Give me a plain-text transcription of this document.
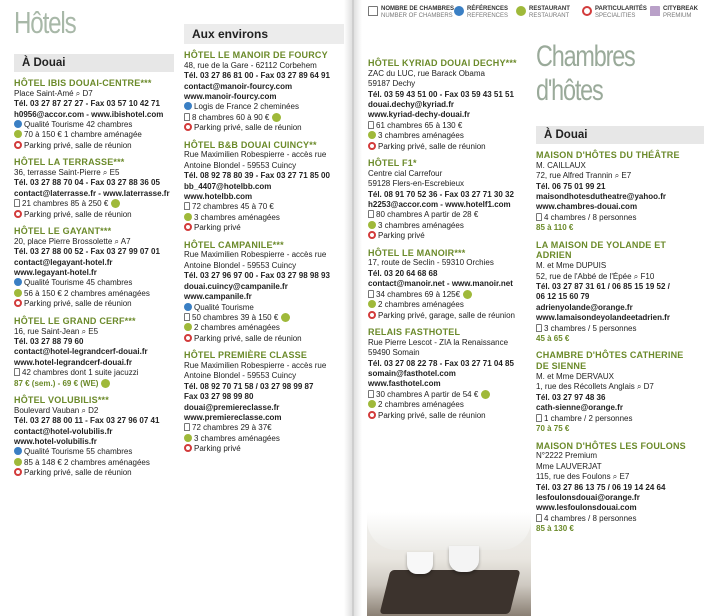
Hôtels
À Douai
HÔTEL IBIS DOUAI-CENTRE***
Place Saint-Amé ⌕ D7
Tél. 03 27 87 27 27 - Fax 03 57 10 42 71
h0956@accor.com - www.ibishotel.com
Qualité Tourisme 42 chambres
70 à 150 € 1 chambre aménagée
Parking privé, salle de réunion
HÔTEL LA TERRASSE***
36, terrasse Saint-Pierre ⌕ E5
Tél. 03 27 88 70 04 - Fax 03 27 88 36 05
contact@laterrasse.fr - www.laterrasse.fr
21 chambres 85 à 250 €
Parking privé, salle de réunion
HÔTEL LE GAYANT***
20, place Pierre Brossolette ⌕ A7
Tél. 03 27 88 00 52 - Fax 03 27 99 07 01
contact@legayant-hotel.fr
www.legayant-hotel.fr
Qualité Tourisme 45 chambres
56 à 150 € 2 chambres aménagées
Parking privé, salle de réunion
HÔTEL LE GRAND CERF***
16, rue Saint-Jean ⌕ E5
Tél. 03 27 88 79 60
contact@hotel-legrandcerf-douai.fr
www.hotel-legrandcerf-douai.fr
42 chambres dont 1 suite jacuzzi
87 € (sem.) - 69 € (WE)
HÔTEL VOLUBILIS***
Boulevard Vauban ⌕ D2
Tél. 03 27 88 00 11 - Fax 03 27 96 07 41
contact@hotel-volubilis.fr
www.hotel-volubilis.fr
Qualité Tourisme 55 chambres
85 à 148 € 2 chambres aménagées
Parking privé, salle de réunion
Aux environs
HÔTEL LE MANOIR DE FOURCY
48, rue de la Gare - 62112 Corbehem
Tél. 03 27 86 81 00 - Fax 03 27 89 64 91
contact@manoir-fourcy.com
www.manoir-fourcy.com
Logis de France 2 cheminées
8 chambres 60 à 90 €
Parking privé, salle de réunion
HÔTEL B&B DOUAI CUINCY**
Rue Maximilien Robespierre - accès rue
Antoine Blondel - 59553 Cuincy
Tél. 08 92 78 80 39 - Fax 03 27 71 85 00
bb_4407@hotelbb.com
www.hotelbb.com
72 chambres 45 à 70 €
3 chambres aménagées
Parking privé
HÔTEL CAMPANILE***
Rue Maximilien Robespierre - accès rue
Antoine Blondel - 59553 Cuincy
Tél. 03 27 96 97 00 - Fax 03 27 98 98 93
douai.cuincy@campanile.fr
www.campanile.fr
Qualité Tourisme
50 chambres 39 à 150 €
2 chambres aménagées
Parking privé, salle de réunion
HÔTEL PREMIÈRE CLASSE
Rue Maximilien Robespierre - accès rue
Antoine Blondel - 59553 Cuincy
Tél. 08 92 70 71 58 / 03 27 98 99 87
Fax 03 27 98 99 80
douai@premiereclasse.fr
www.premiereclasse.com
72 chambres 29 à 37€
3 chambres aménagées
Parking privé
NOMBRE DE CHAMBRES
NUMBER OF CHAMBERS
RÉFÉRENCES
REFERENCES
RESTAURANT
RESTAURANT
PARTICULARITÉS
SPECIALITIES
CITYBREAK
PREMIUM
HÔTEL KYRIAD DOUAI DECHY***
ZAC du LUC, rue Barack Obama
59187 Dechy
Tél. 03 59 43 51 00 - Fax 03 59 43 51 51
douai.dechy@kyriad.fr
www.kyriad-dechy-douai.fr
61 chambres 65 à 130 €
3 chambres aménagées
Parking privé, salle de réunion
HÔTEL F1*
Centre cial Carrefour
59128 Flers-en-Escrebieux
Tél. 08 91 70 52 36 - Fax 03 27 71 30 32
h2253@accor.com - www.hotelf1.com
80 chambres A partir de 28 €
3 chambres aménagées
Parking privé
HÔTEL LE MANOIR***
17, route de Seclin - 59310 Orchies
Tél. 03 20 64 68 68
contact@manoir.net - www.manoir.net
34 chambres 69 à 125€
2 chambres aménagées
Parking privé, garage, salle de réunion
RELAIS FASTHOTEL
Rue Pierre Lescot - ZIA la Renaissance
59490 Somain
Tél. 03 27 08 22 78 - Fax 03 27 71 04 85
somain@fasthotel.com
www.fasthotel.com
30 chambres A partir de 54 €
2 chambres aménagées
Parking privé, salle de réunion
Chambres d'hôtes
À Douai
MAISON D'HÔTES DU THÉÂTRE
M. CAILLAUX
72, rue Alfred Trannin ⌕ E7
Tél. 06 75 01 99 21
maisondhotesdutheatre@yahoo.fr
www.chambres-douai.com
4 chambres / 8 personnes
85 à 110 €
LA MAISON DE YOLANDE ET ADRIEN
M. et Mme DUPUIS
52, rue de l'Abbé de l'Épée ⌕ F10
Tél. 03 27 87 31 61 / 06 85 15 19 52 /
06 12 15 60 79
adrienyolande@orange.fr
www.lamaisondeyolandeetadrien.fr
3 chambres / 5 personnes
45 à 65 €
CHAMBRE D'HÔTES CATHERINE
DE SIENNE
M. et Mme DERVAUX
1, rue des Récollets Anglais ⌕ D7
Tél. 03 27 97 48 36
cath-sienne@orange.fr
1 chambre / 2 personnes
70 à 75 €
MAISON D'HÔTES LES FOULONS
N°2222 Premium
Mme LAUVERJAT
115, rue des Foulons ⌕ E7
Tél. 03 27 86 13 75 / 06 19 14 24 64
lesfoulonsdouai@orange.fr
www.lesfoulonsdouai.com
4 chambres / 8 personnes
85 à 130 €
